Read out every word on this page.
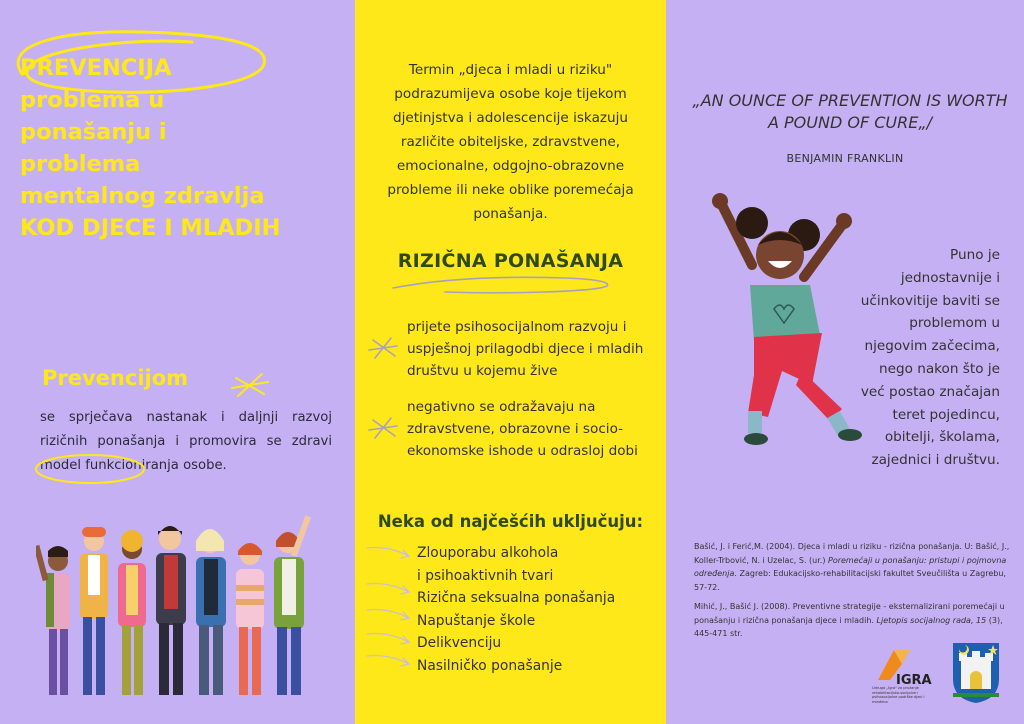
PREVENCIJA
problema u
ponašanju i
problema
mentalnog zdravlja
KOD DJECE I MLADIH
Prevencijom

se sprječava nastanak i daljnji razvoj rizičnih ponašanja i promovira se zdravi model funkcioniranja osobe.

Termin „djeca i mladi u riziku" podrazumijeva osobe koje tijekom djetinjstva i adolescencije iskazuju različite obiteljske, zdravstvene, emocionalne, odgojno-obrazovne probleme ili neke oblike poremećaja ponašanja.

RIZIČNA PONAŠANJA

prijete psihosocijalnom razvoju i uspješnoj prilagodbi djece i mladih društvu u kojemu žive

negativno se odražavaju na zdravstvene, obrazovne i socio-ekonomske ishode u odrasloj dobi

Neka od najčešćih uključuju:
Zlouporabu alkohola
i psihoaktivnih tvari
Rizična seksualna ponašanja
Napuštanje škole
Delikvenciju
Nasilničko ponašanje

„AN OUNCE OF PREVENTION IS WORTH A POUND OF CURE„/

BENJAMIN FRANKLIN

Puno je jednostavnije i učinkovitije baviti se problemom u njegovim začecima, nego nakon što je već postao značajan teret pojedincu, obitelji, školama, zajednici i društvu.

Bašić, J. i Ferić,M. (2004). Djeca i mladi u riziku - rizična ponašanja. U: Bašić, J., Koller-Trbović, N. i Uzelac, S. (ur.) Poremećaji u ponašanju: pristupi i pojmovna određenja. Zagreb: Edukacijsko-rehabilitacijski fakultet Sveučilišta u Zagrebu, 57-72.

Mihić, J., Bašić J. (2008). Preventivne strategije - eksternalizirani poremećaji u ponašanju i rizična ponašanja djece i mladih. Ljetopis socijalnog rada, 15 (3), 445-471 str.

IGRA
Udruga „Igra" za pružanje rehabilitacijsko-socijalne i psihosocijalne podrške djeci i mladima
